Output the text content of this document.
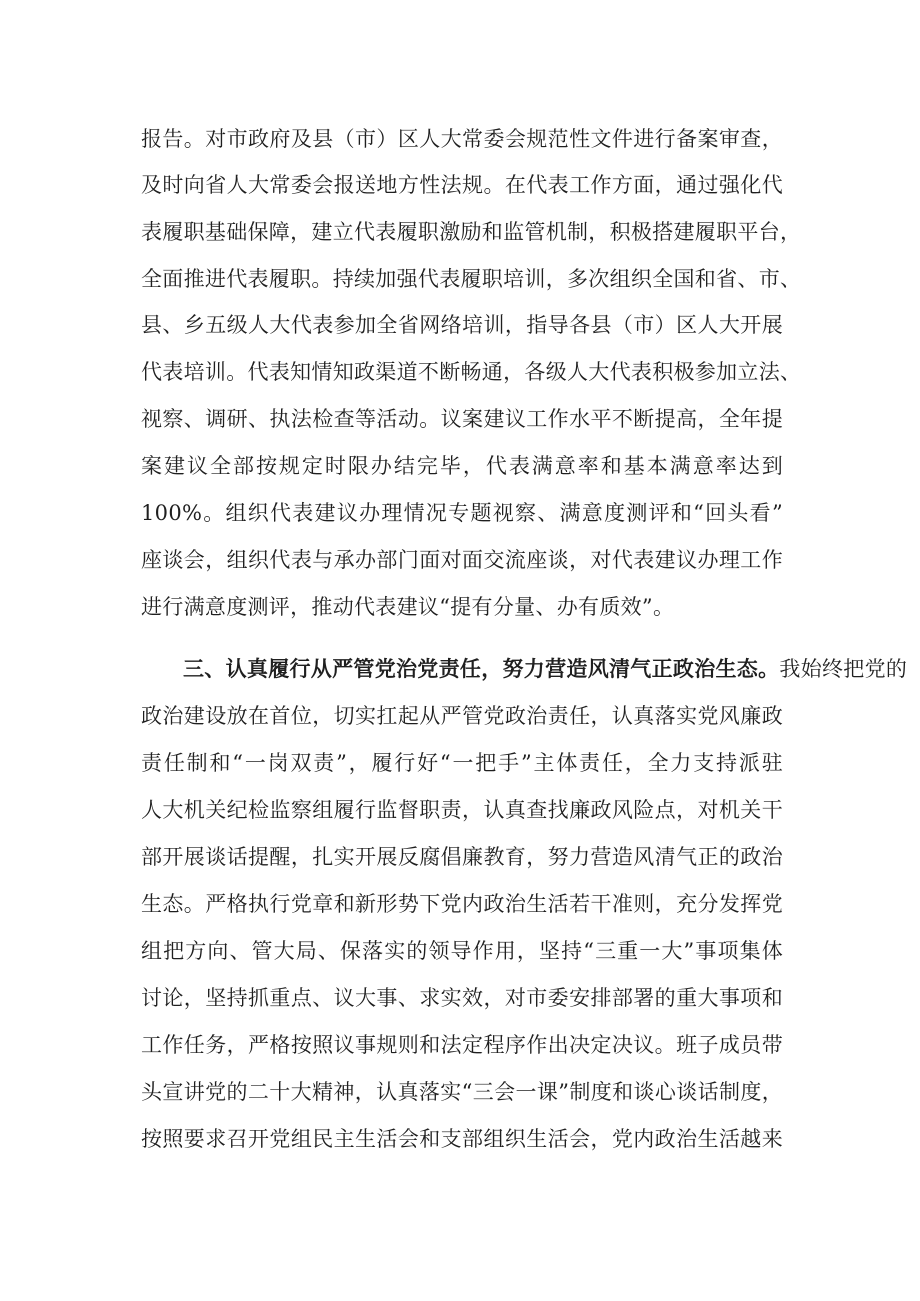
报告。对市政府及县（市）区人大常委会规范性文件进行备案审查，
及时向省人大常委会报送地方性法规。在代表工作方面，通过强化代
表履职基础保障，建立代表履职激励和监管机制，积极搭建履职平台，
全面推进代表履职。持续加强代表履职培训，多次组织全国和省、市、
县、乡五级人大代表参加全省网络培训，指导各县（市）区人大开展
代表培训。代表知情知政渠道不断畅通，各级人大代表积极参加立法、
视察、调研、执法检查等活动。议案建议工作水平不断提高，全年提
案建议全部按规定时限办结完毕，代表满意率和基本满意率达到
100%。组织代表建议办理情况专题视察、满意度测评和“回头看”
座谈会，组织代表与承办部门面对面交流座谈，对代表建议办理工作
进行满意度测评，推动代表建议“提有分量、办有质效”。
三、认真履行从严管党治党责任，努力营造风清气正政治生态。我始终把党的
政治建设放在首位，切实扛起从严管党政治责任，认真落实党风廉政
责任制和“一岗双责”，履行好“一把手”主体责任，全力支持派驻
人大机关纪检监察组履行监督职责，认真查找廉政风险点，对机关干
部开展谈话提醒，扎实开展反腐倡廉教育，努力营造风清气正的政治
生态。严格执行党章和新形势下党内政治生活若干准则，充分发挥党
组把方向、管大局、保落实的领导作用，坚持“三重一大”事项集体
讨论，坚持抓重点、议大事、求实效，对市委安排部署的重大事项和
工作任务，严格按照议事规则和法定程序作出决定决议。班子成员带
头宣讲党的二十大精神，认真落实“三会一课”制度和谈心谈话制度，
按照要求召开党组民主生活会和支部组织生活会，党内政治生活越来
